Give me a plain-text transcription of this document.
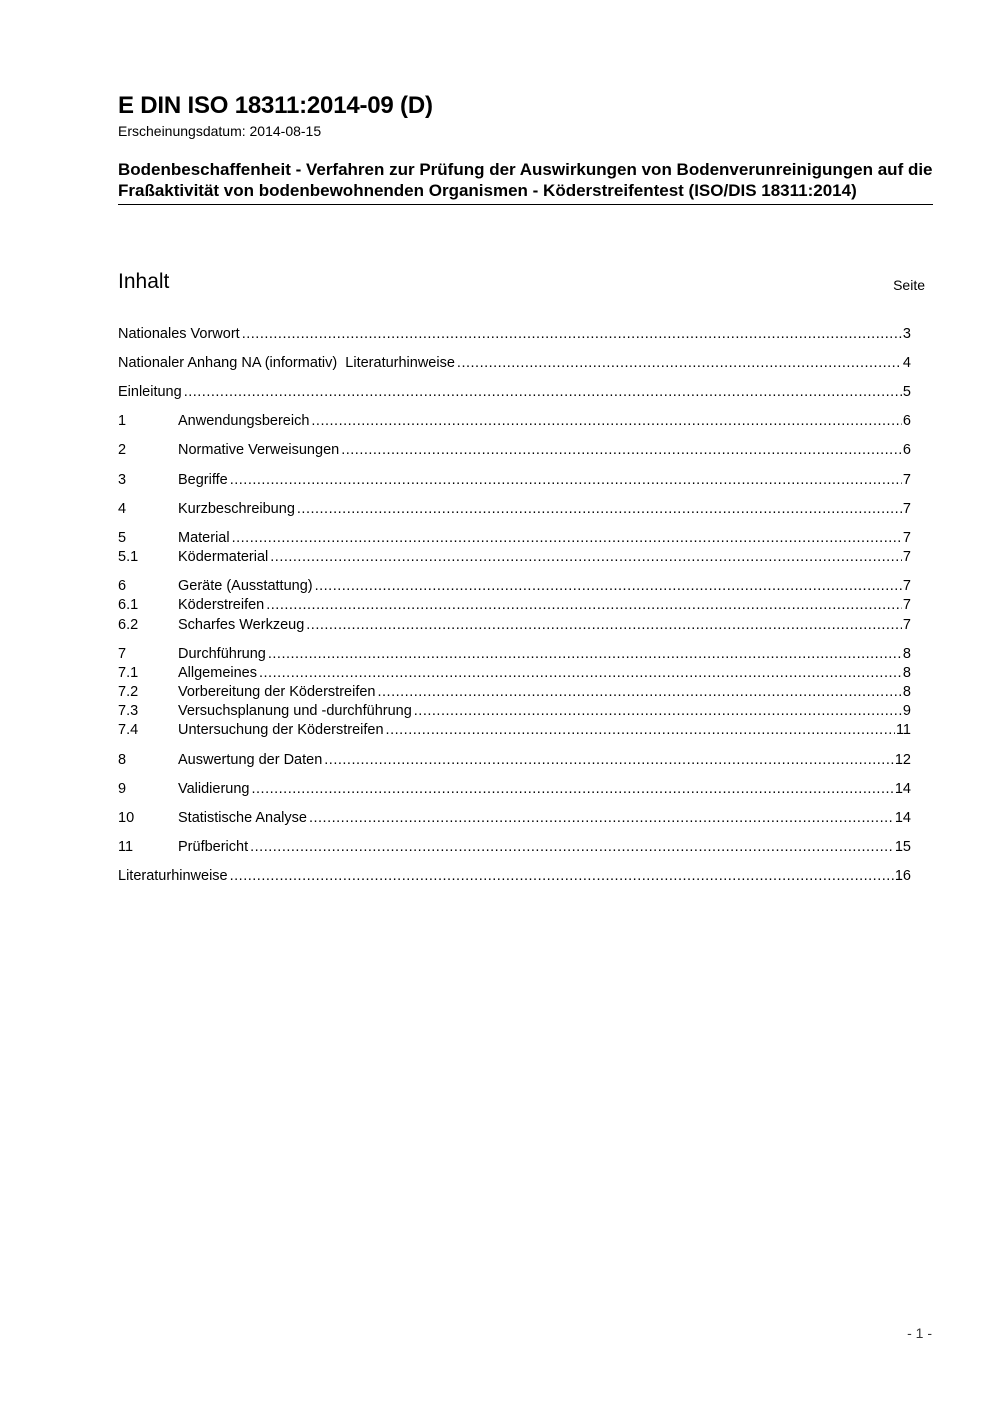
E DIN ISO 18311:2014-09 (D)
Erscheinungsdatum: 2014-08-15
Bodenbeschaffenheit - Verfahren zur Prüfung der Auswirkungen von Bodenverunreinigungen auf die Fraßaktivität von bodenbewohnenden Organismen - Köderstreifentest (ISO/DIS 18311:2014)
Inhalt	Seite
Nationales Vorwort .....	3
Nationaler Anhang NA (informativ) Literaturhinweise .....	4
Einleitung .....	5
1	Anwendungsbereich .....	6
2	Normative Verweisungen .....	6
3	Begriffe .....	7
4	Kurzbeschreibung .....	7
5	Material .....	7
5.1	Ködermaterial .....	7
6	Geräte (Ausstattung) .....	7
6.1	Köderstreifen .....	7
6.2	Scharfes Werkzeug .....	7
7	Durchführung .....	8
7.1	Allgemeines .....	8
7.2	Vorbereitung der Köderstreifen .....	8
7.3	Versuchsplanung und -durchführung .....	9
7.4	Untersuchung der Köderstreifen .....	11
8	Auswertung der Daten .....	12
9	Validierung .....	14
10	Statistische Analyse .....	14
11	Prüfbericht .....	15
Literaturhinweise .....	16
- 1 -
